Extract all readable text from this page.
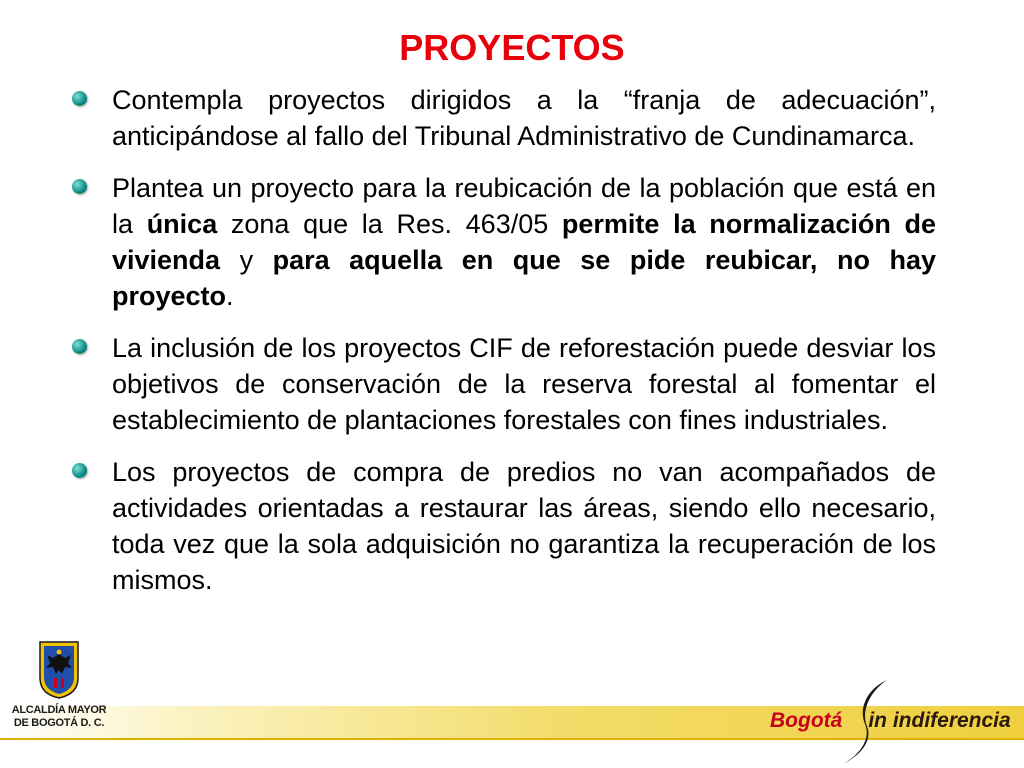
PROYECTOS

Contempla proyectos dirigidos a la “franja de adecuación”, anticipándose al fallo del Tribunal Administrativo de Cundinamarca.

Plantea un proyecto para la reubicación de la población que está en la única zona que la Res. 463/05 permite la normalización de vivienda y para aquella en que se pide reubicar, no hay proyecto.

La inclusión de los proyectos CIF de reforestación puede desviar los objetivos de conservación de la reserva forestal al fomentar el establecimiento de plantaciones forestales con fines industriales.

Los proyectos de compra de predios no van acompañados de actividades orientadas a restaurar las áreas, siendo ello necesario, toda vez que la sola adquisición no garantiza la recuperación de los mismos.

ALCALDÍA MAYOR
DE BOGOTÁ D. C.	Bogotá in indiferencia
